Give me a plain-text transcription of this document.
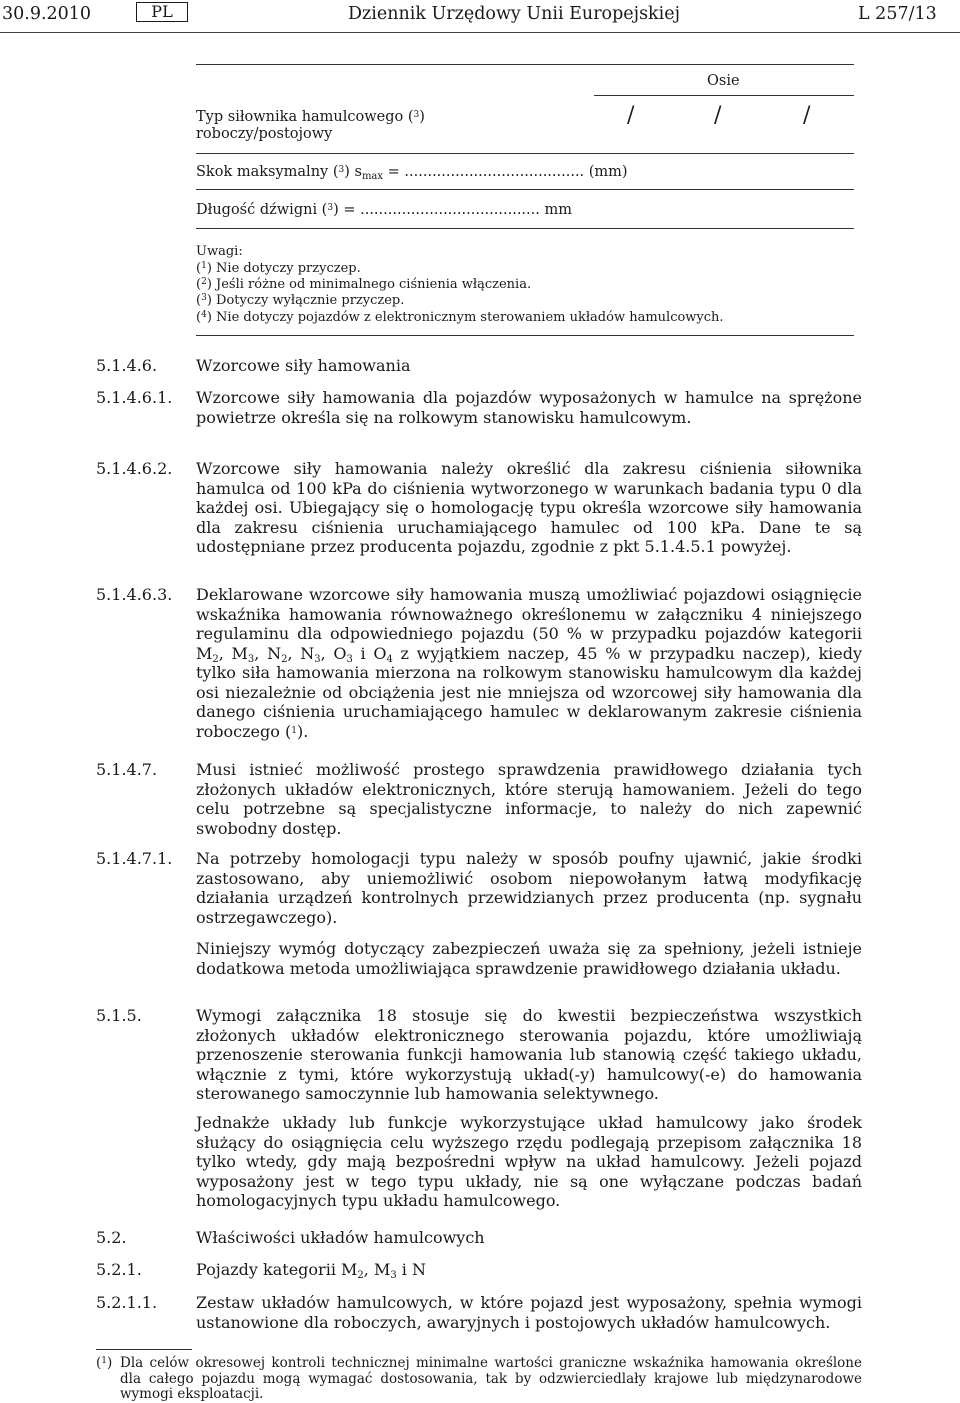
30.9.2010	PL	Dziennik Urzędowy Unii Europejskiej	L 257/13
Osie
Typ siłownika hamulcowego ($^3$)
roboczy/postojowy
/	/	/
Skok maksymalny ($^3$) $s_{max}$ = ....................................... (mm)
Długość dźwigni ($^3$) = ....................................... mm
Uwagi:
($^1$) Nie dotyczy przyczep.
($^2$) Jeśli różne od minimalnego ciśnienia włączenia.
($^3$) Dotyczy wyłącznie przyczep.
($^4$) Nie dotyczy pojazdów z elektronicznym sterowaniem układów hamulcowych.
5.1.4.6. Wzorcowe siły hamowania
5.1.4.6.1. Wzorcowe siły hamowania dla pojazdów wyposażonych w hamulce na sprężone powietrze określa się na rolkowym stanowisku hamulcowym.
5.1.4.6.2. Wzorcowe siły hamowania należy określić dla zakresu ciśnienia siłownika hamulca od 100 kPa do ciśnienia wytworzonego w warunkach badania typu 0 dla każdej osi. Ubiegający się o homologację typu określa wzorcowe siły hamowania dla zakresu ciśnienia uruchamiającego hamulec od 100 kPa. Dane te są udostępniane przez producenta pojazdu, zgodnie z pkt 5.1.4.5.1 powyżej.
5.1.4.6.3. Deklarowane wzorcowe siły hamowania muszą umożliwiać pojazdowi osiągnięcie wskaźnika hamowania równoważnego określonemu w załączniku 4 niniejszego regulaminu dla odpowiedniego pojazdu (50 % w przypadku pojazdów kategorii $M_2$, $M_3$, $N_2$, $N_3$, $O_3$ i $O_4$ z wyjątkiem naczep, 45 % w przypadku naczep), kiedy tylko siła hamowania mierzona na rolkowym stanowisku hamulcowym dla każdej osi niezależnie od obciążenia jest nie mniejsza od wzorcowej siły hamowania dla danego ciśnienia uruchamiającego hamulec w deklarowanym zakresie ciśnienia roboczego ($^1$).
5.1.4.7. Musi istnieć możliwość prostego sprawdzenia prawidłowego działania tych złożonych układów elektronicznych, które sterują hamowaniem. Jeżeli do tego celu potrzebne są specjalistyczne informacje, to należy do nich zapewnić swobodny dostęp.
5.1.4.7.1. Na potrzeby homologacji typu należy w sposób poufny ujawnić, jakie środki zastosowano, aby uniemożliwić osobom niepowołanym łatwą modyfikację działania urządzeń kontrolnych przewidzianych przez producenta (np. sygnału ostrzegawczego).
Niniejszy wymóg dotyczący zabezpieczeń uważa się za spełniony, jeżeli istnieje dodatkowa metoda umożliwiająca sprawdzenie prawidłowego działania układu.
5.1.5.	Wymogi załącznika 18 stosuje się do kwestii bezpieczeństwa wszystkich złożonych układów elektronicznego sterowania pojazdu, które umożliwiają przenoszenie sterowania funkcji hamowania lub stanowią część takiego układu, włącznie z tymi, które wykorzystują układ(-y) hamulcowy(-e) do hamowania sterowanego samoczynnie lub hamowania selektywnego.
Jednakże układy lub funkcje wykorzystujące układ hamulcowy jako środek służący do osiągnięcia celu wyższego rzędu podlegają przepisom załącznika 18 tylko wtedy, gdy mają bezpośredni wpływ na układ hamulcowy. Jeżeli pojazd wyposażony jest w tego typu układy, nie są one wyłączane podczas badań homologacyjnych typu układu hamulcowego.
5.2.	Właściwości układów hamulcowych
5.2.1.	Pojazdy kategorii $M_2$, $M_3$ i N
5.2.1.1. Zestaw układów hamulcowych, w które pojazd jest wyposażony, spełnia wymogi ustanowione dla roboczych, awaryjnych i postojowych układów hamulcowych.
($^1$) Dla celów okresowej kontroli technicznej minimalne wartości graniczne wskaźnika hamowania określone dla całego pojazdu mogą wymagać dostosowania, tak by odzwierciedlały krajowe lub międzynarodowe wymogi eksploatacji.
